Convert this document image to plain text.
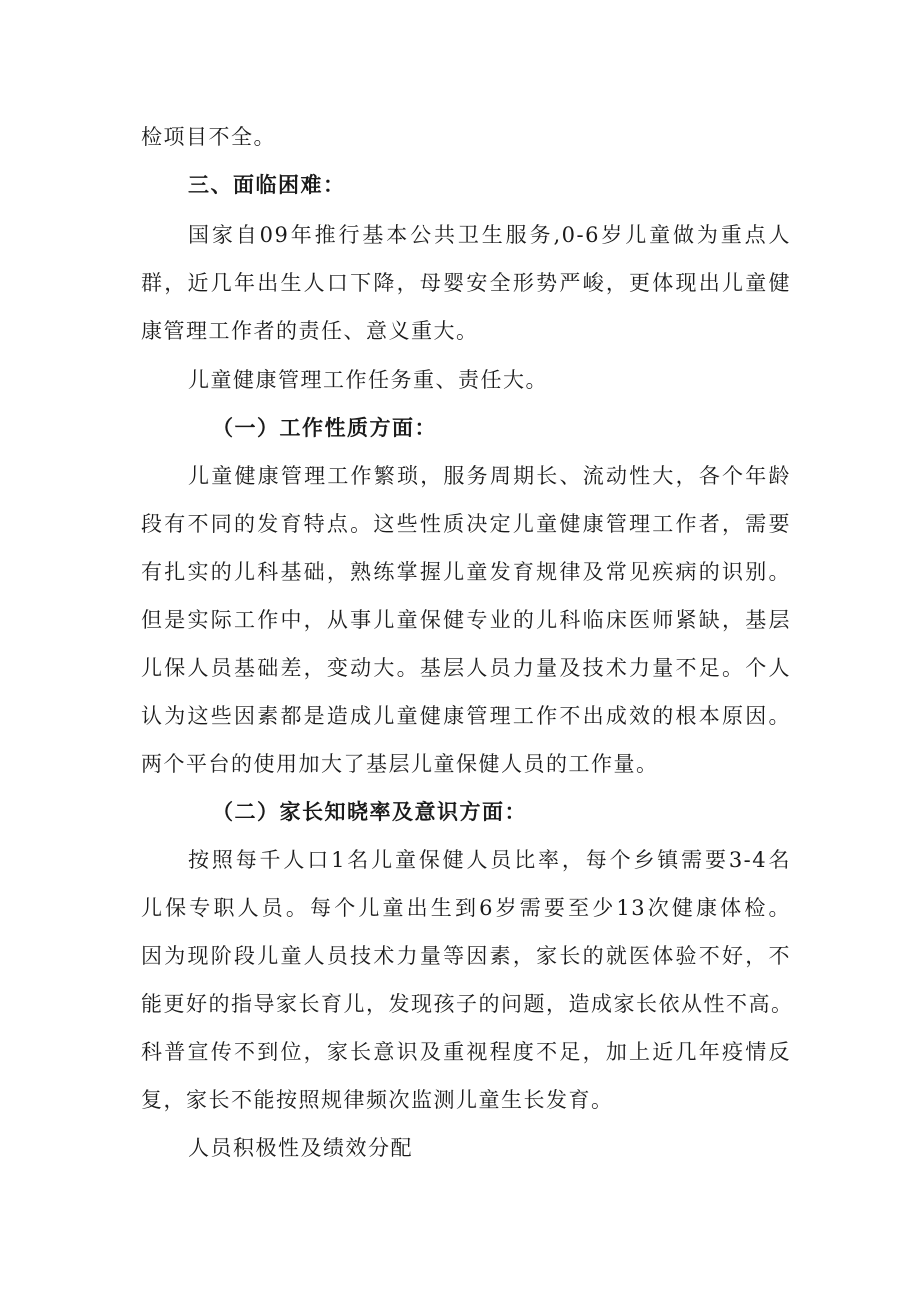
检项目不全。
三、面临困难：
国家自09年推行基本公共卫生服务,0-6岁儿童做为重点人
群，近几年出生人口下降，母婴安全形势严峻，更体现出儿童健
康管理工作者的责任、意义重大。
儿童健康管理工作任务重、责任大。
（一）工作性质方面：
儿童健康管理工作繁琐，服务周期长、流动性大，各个年龄
段有不同的发育特点。这些性质决定儿童健康管理工作者，需要
有扎实的儿科基础，熟练掌握儿童发育规律及常见疾病的识别。
但是实际工作中，从事儿童保健专业的儿科临床医师紧缺，基层
儿保人员基础差，变动大。基层人员力量及技术力量不足。个人
认为这些因素都是造成儿童健康管理工作不出成效的根本原因。
两个平台的使用加大了基层儿童保健人员的工作量。
（二）家长知晓率及意识方面：
按照每千人口1名儿童保健人员比率，每个乡镇需要3-4名
儿保专职人员。每个儿童出生到6岁需要至少13次健康体检。
因为现阶段儿童人员技术力量等因素，家长的就医体验不好，不
能更好的指导家长育儿，发现孩子的问题，造成家长依从性不高。
科普宣传不到位，家长意识及重视程度不足，加上近几年疫情反
复，家长不能按照规律频次监测儿童生长发育。
人员积极性及绩效分配
